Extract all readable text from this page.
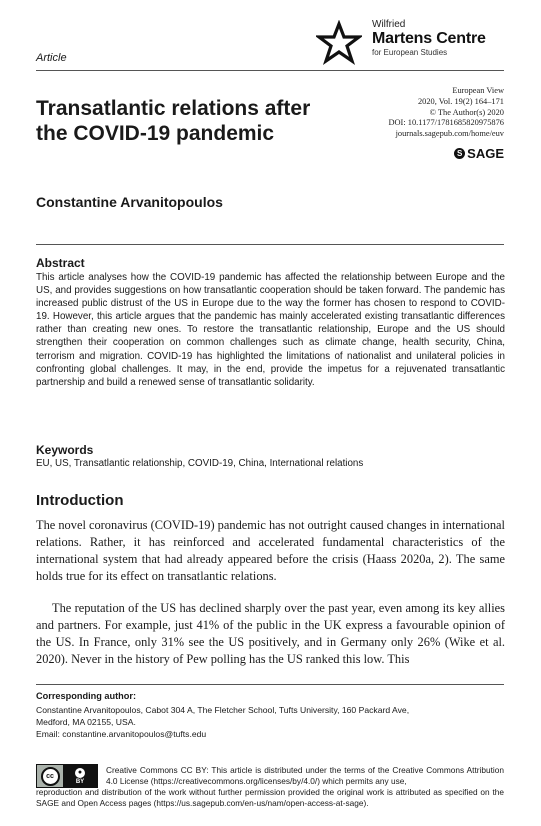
Article
Wilfried
Martens Centre
for European Studies
Transatlantic relations after the COVID-19 pandemic
European View
2020, Vol. 19(2) 164–171
© The Author(s) 2020
DOI: 10.1177/1781685820975876
journals.sagepub.com/home/euv
S SAGE
Constantine Arvanitopoulos
Abstract
This article analyses how the COVID-19 pandemic has affected the relationship between Europe and the US, and provides suggestions on how transatlantic cooperation should be taken forward. The pandemic has increased public distrust of the US in Europe due to the way the former has chosen to respond to COVID-19. However, this article argues that the pandemic has mainly accelerated existing transatlantic differences rather than creating new ones. To restore the transatlantic relationship, Europe and the US should strengthen their cooperation on common challenges such as climate change, health security, China, terrorism and migration. COVID-19 has highlighted the limitations of nationalist and unilateral policies in confronting global challenges. It may, in the end, provide the impetus for a rejuvenated transatlantic partnership and build a renewed sense of transatlantic solidarity.
Keywords
EU, US, Transatlantic relationship, COVID-19, China, International relations
Introduction
The novel coronavirus (COVID-19) pandemic has not outright caused changes in international relations. Rather, it has reinforced and accelerated fundamental characteristics of the international system that had already appeared before the crisis (Haass 2020a, 2). The same holds true for its effect on transatlantic relations.
The reputation of the US has declined sharply over the past year, even among its key allies and partners. For example, just 41% of the public in the UK express a favourable opinion of the US. In France, only 31% see the US positively, and in Germany only 26% (Wike et al. 2020). Never in the history of Pew polling has the US ranked this low. This
Corresponding author:
Constantine Arvanitopoulos, Cabot 304 A, The Fletcher School, Tufts University, 160 Packard Ave,
Medford, MA 02155, USA.
Email: constantine.arvanitopoulos@tufts.edu
cc
●
BY
Creative Commons CC BY: This article is distributed under the terms of the Creative Commons Attribution 4.0 License (https://creativecommons.org/licenses/by/4.0/) which permits any use,
reproduction and distribution of the work without further permission provided the original work is attributed as specified on the SAGE and Open Access pages (https://us.sagepub.com/en-us/nam/open-access-at-sage).
